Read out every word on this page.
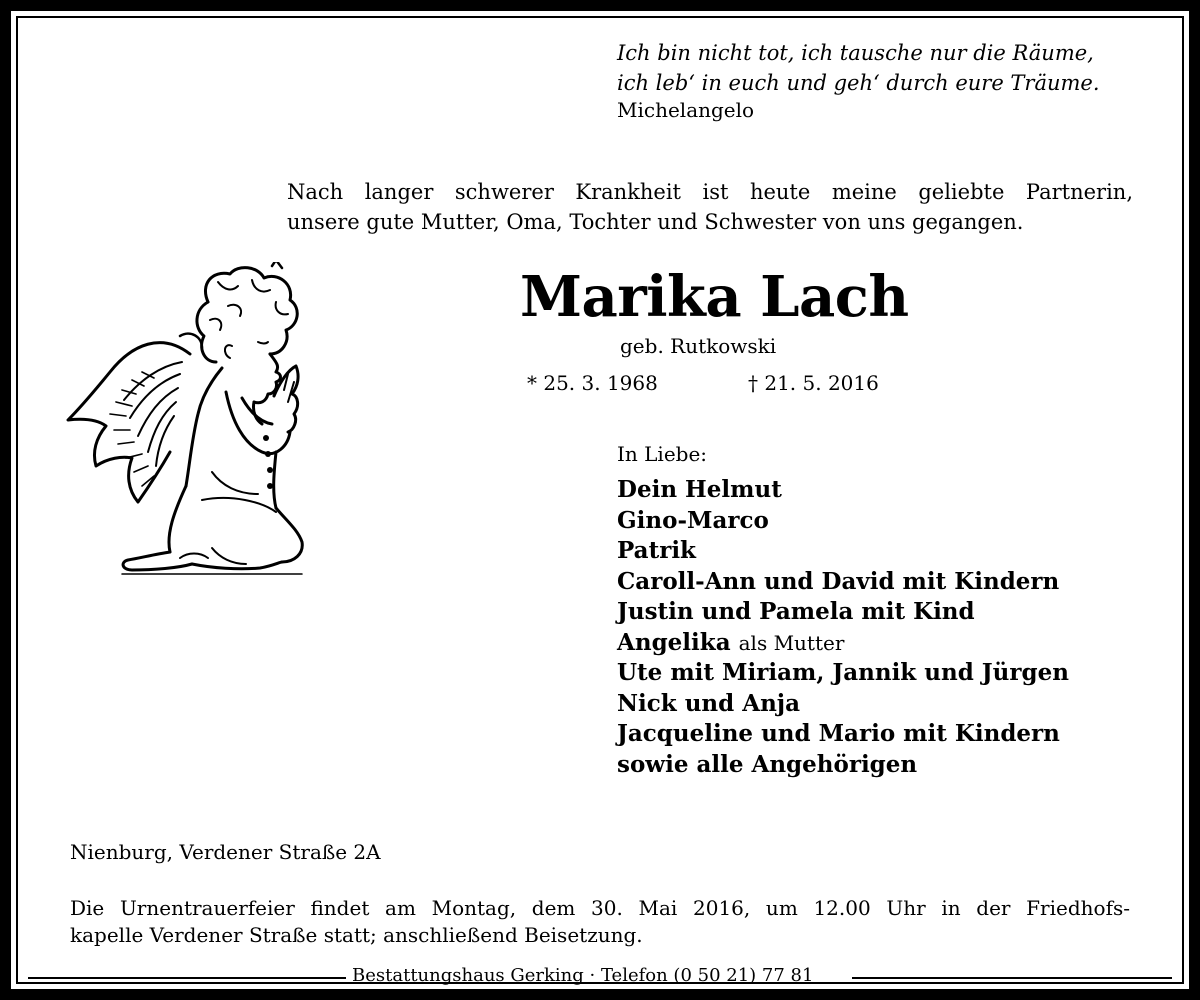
Ich bin nicht tot, ich tausche nur die Räume,
ich leb‘ in euch und geh‘ durch eure Träume.
Michelangelo
Nach langer schwerer Krankheit ist heute meine geliebte Partnerin,
unsere gute Mutter, Oma, Tochter und Schwester von uns gegangen.
Marika Lach
geb. Rutkowski
* 25. 3. 1968	† 21. 5. 2016
In Liebe:
Dein Helmut
Gino-Marco
Patrik
Caroll-Ann und David mit Kindern
Justin und Pamela mit Kind
Angelika als Mutter
Ute mit Miriam, Jannik und Jürgen
Nick und Anja
Jacqueline und Mario mit Kindern
sowie alle Angehörigen
Nienburg, Verdener Straße 2A
Die Urnentrauerfeier findet am Montag, dem 30. Mai 2016, um 12.00 Uhr in der Friedhofs-
kapelle Verdener Straße statt; anschließend Beisetzung.
Bestattungshaus Gerking · Telefon (0 50 21) 77 81
